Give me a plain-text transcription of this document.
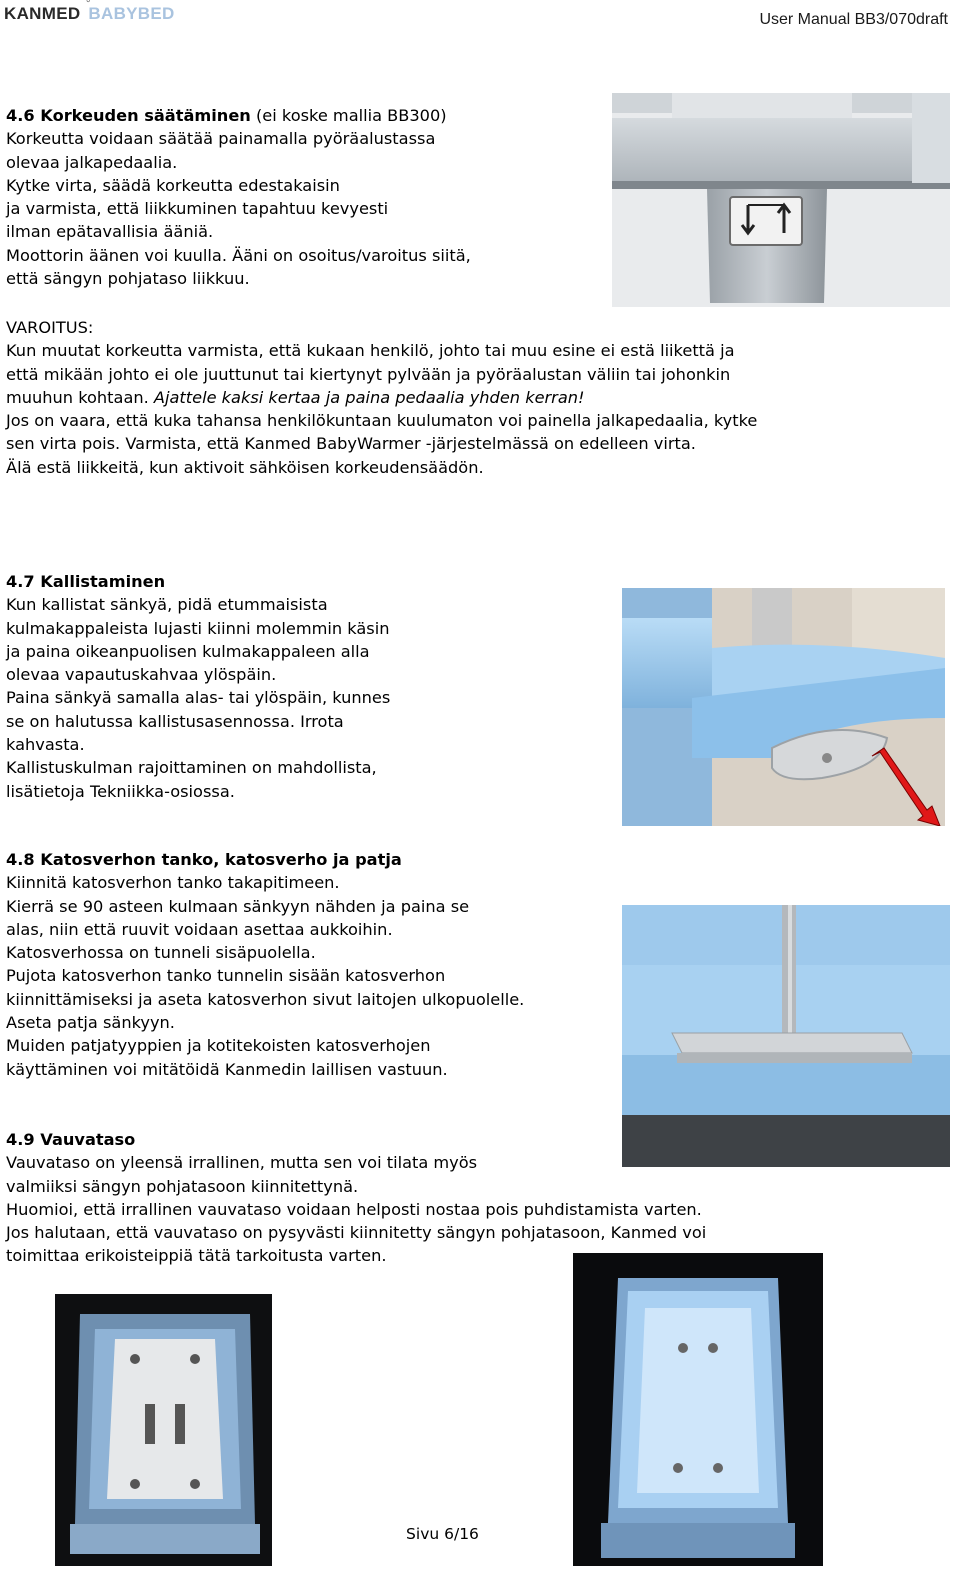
KANMED °
BABYBED	User Manual BB3/070draft

4.6 Korkeuden säätäminen (ei koske mallia BB300)

Korkeutta voidaan säätää painamalla pyöräalustassa

olevaa jalkapedaalia.

Kytke virta, säädä korkeutta edestakaisin

ja varmista, että liikkuminen tapahtuu kevyesti

ilman epätavallisia ääniä.

Moottorin äänen voi kuulla. Ääni on osoitus/varoitus siitä,

että sängyn pohjataso liikkuu.

VAROITUS:

Kun muutat korkeutta varmista, että kukaan henkilö, johto tai muu esine ei estä liikettä ja

että mikään johto ei ole juuttunut tai kiertynyt pylvään ja pyöräalustan väliin tai johonkin

muuhun kohtaan. Ajattele kaksi kertaa ja paina pedaalia yhden kerran!

Jos on vaara, että kuka tahansa henkilökuntaan kuulumaton voi painella jalkapedaalia, kytke

sen virta pois. Varmista, että Kanmed BabyWarmer -järjestelmässä on edelleen virta.

Älä estä liikkeitä, kun aktivoit sähköisen korkeudensäädön.

4.7 Kallistaminen

Kun kallistat sänkyä, pidä etummaisista

kulmakappaleista lujasti kiinni molemmin käsin

ja paina oikeanpuolisen kulmakappaleen alla

olevaa vapautuskahvaa ylöspäin.

Paina sänkyä samalla alas- tai ylöspäin, kunnes

se on halutussa kallistusasennossa. Irrota

kahvasta.

Kallistuskulman rajoittaminen on mahdollista,

lisätietoja Tekniikka-osiossa.

4.8 Katosverhon tanko, katosverho ja patja

Kiinnitä katosverhon tanko takapitimeen.

Kierrä se 90 asteen kulmaan sänkyyn nähden ja paina se

alas, niin että ruuvit voidaan asettaa aukkoihin.

Katosverhossa on tunneli sisäpuolella.

Pujota katosverhon tanko tunnelin sisään katosverhon

kiinnittämiseksi ja aseta katosverhon sivut laitojen ulkopuolelle.

Aseta patja sänkyyn.

Muiden patjatyyppien ja kotitekoisten katosverhojen

käyttäminen voi mitätöidä Kanmedin laillisen vastuun.

4.9 Vauvataso

Vauvataso on yleensä irrallinen, mutta sen voi tilata myös

valmiiksi sängyn pohjatasoon kiinnitettynä.

Huomioi, että irrallinen vauvataso voidaan helposti nostaa pois puhdistamista varten.

Jos halutaan, että vauvataso on pysyvästi kiinnitetty sängyn pohjatasoon, Kanmed voi

toimittaa erikoisteippiä tätä tarkoitusta varten.

Sivu 6/16
